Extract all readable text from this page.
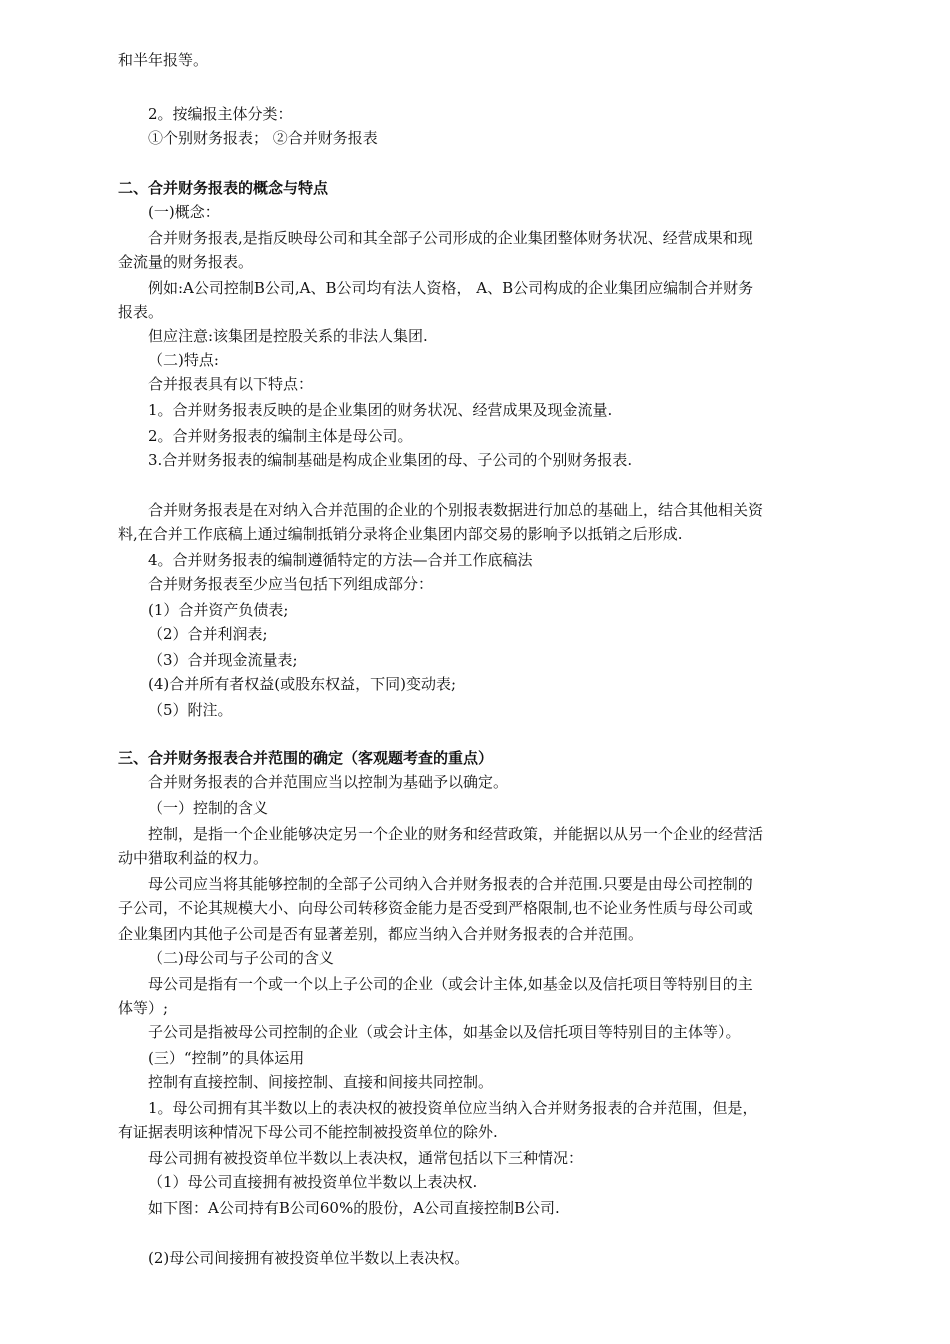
和半年报等。
2。按编报主体分类：
①个别财务报表； ②合并财务报表
二、合并财务报表的概念与特点
(一)概念：
合并财务报表,是指反映母公司和其全部子公司形成的企业集团整体财务状况、经营成果和现
金流量的财务报表。
例如:A公司控制B公司,A、B公司均有法人资格， A、B公司构成的企业集团应编制合并财务
报表。
但应注意:该集团是控股关系的非法人集团.
（二)特点:
合并报表具有以下特点：
1。合并财务报表反映的是企业集团的财务状况、经营成果及现金流量.
2。合并财务报表的编制主体是母公司。
3.合并财务报表的编制基础是构成企业集团的母、子公司的个别财务报表.
合并财务报表是在对纳入合并范围的企业的个别报表数据进行加总的基础上，结合其他相关资
料,在合并工作底稿上通过编制抵销分录将企业集团内部交易的影响予以抵销之后形成.
4。合并财务报表的编制遵循特定的方法—合并工作底稿法
合并财务报表至少应当包括下列组成部分：
(1）合并资产负债表;
（2）合并利润表;
（3）合并现金流量表;
(4)合并所有者权益(或股东权益，下同)变动表;
（5）附注。
三、合并财务报表合并范围的确定（客观题考查的重点）
合并财务报表的合并范围应当以控制为基础予以确定。
（一）控制的含义
控制，是指一个企业能够决定另一个企业的财务和经营政策，并能据以从另一个企业的经营活
动中猎取利益的权力。
母公司应当将其能够控制的全部子公司纳入合并财务报表的合并范围.只要是由母公司控制的
子公司，不论其规模大小、向母公司转移资金能力是否受到严格限制,也不论业务性质与母公司或
企业集团内其他子公司是否有显著差别，都应当纳入合并财务报表的合并范围。
（二)母公司与子公司的含义
母公司是指有一个或一个以上子公司的企业（或会计主体,如基金以及信托项目等特别目的主
体等）;
子公司是指被母公司控制的企业（或会计主体，如基金以及信托项目等特别目的主体等）。
(三）“控制”的具体运用
控制有直接控制、间接控制、直接和间接共同控制。
1。母公司拥有其半数以上的表决权的被投资单位应当纳入合并财务报表的合并范围，但是，
有证据表明该种情况下母公司不能控制被投资单位的除外.
母公司拥有被投资单位半数以上表决权，通常包括以下三种情况：
（1）母公司直接拥有被投资单位半数以上表决权.
如下图：A公司持有B公司60%的股份，A公司直接控制B公司.
(2)母公司间接拥有被投资单位半数以上表决权。
